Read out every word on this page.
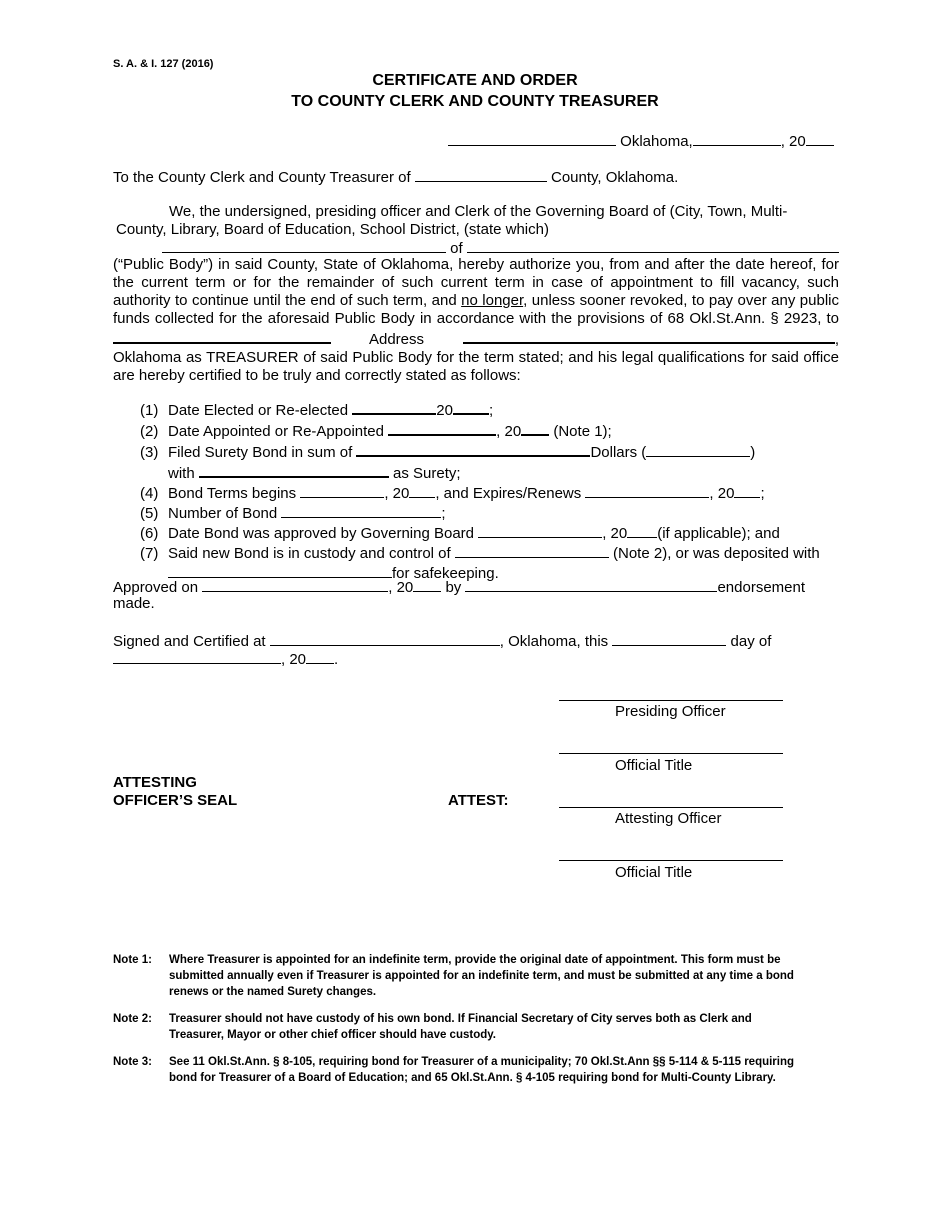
S. A. & I. 127 (2016)
CERTIFICATE AND ORDER
TO COUNTY CLERK AND COUNTY TREASURER
Oklahoma,	, 20
To the County Clerk and County Treasurer of	County, Oklahoma.
We, the undersigned, presiding officer and Clerk of the Governing Board of (City, Town, Multi-
County, Library, Board of Education, School District, (state which)
of
(“Public Body”) in said County, State of Oklahoma, hereby authorize you, from and after the date hereof, for the current term or for the remainder of such current term in case of appointment to fill vacancy, such authority to continue until the end of such term, and no longer, unless sooner revoked, to pay over any public funds collected for the aforesaid Public Body in accordance with the provisions of 68 Okl.St.Ann. § 2923, to  Address	, Oklahoma as TREASURER of said Public Body for the term stated; and his legal qualifications for said office are hereby certified to be truly and correctly stated as follows:
(1) Date Elected or Re-elected	20 ;
(2) Date Appointed or Re-Appointed	, 20 (Note 1);
(3) Filed Surety Bond in sum of	Dollars (	)
with	as Surety;
(4) Bond Terms begins	, 20 , and Expires/Renews	, 20 ;
(5) Number of Bond	;
(6) Date Bond was approved by Governing Board	, 20 (if applicable); and
(7) Said new Bond is in custody and control of	(Note 2), or was deposited with
for safekeeping.
Approved on	, 20 by	endorsement
made.
Signed and Certified at	, Oklahoma, this	day of
, 20 .
Presiding Officer
Official Title
Attesting Officer
Official Title
ATTESTING
OFFICER’S SEAL	ATTEST:
Note 1:	Where Treasurer is appointed for an indefinite term, provide the original date of appointment. This form must be submitted annually even if Treasurer is appointed for an indefinite term, and must be submitted at any time a bond renews or the named Surety changes.
Note 2:	Treasurer should not have custody of his own bond. If Financial Secretary of City serves both as Clerk and Treasurer, Mayor or other chief officer should have custody.
Note 3:	See 11 Okl.St.Ann. § 8-105, requiring bond for Treasurer of a municipality; 70 Okl.St.Ann §§ 5-114 & 5-115 requiring bond for Treasurer of a Board of Education; and 65 Okl.St.Ann. § 4-105 requiring bond for Multi-County Library.
